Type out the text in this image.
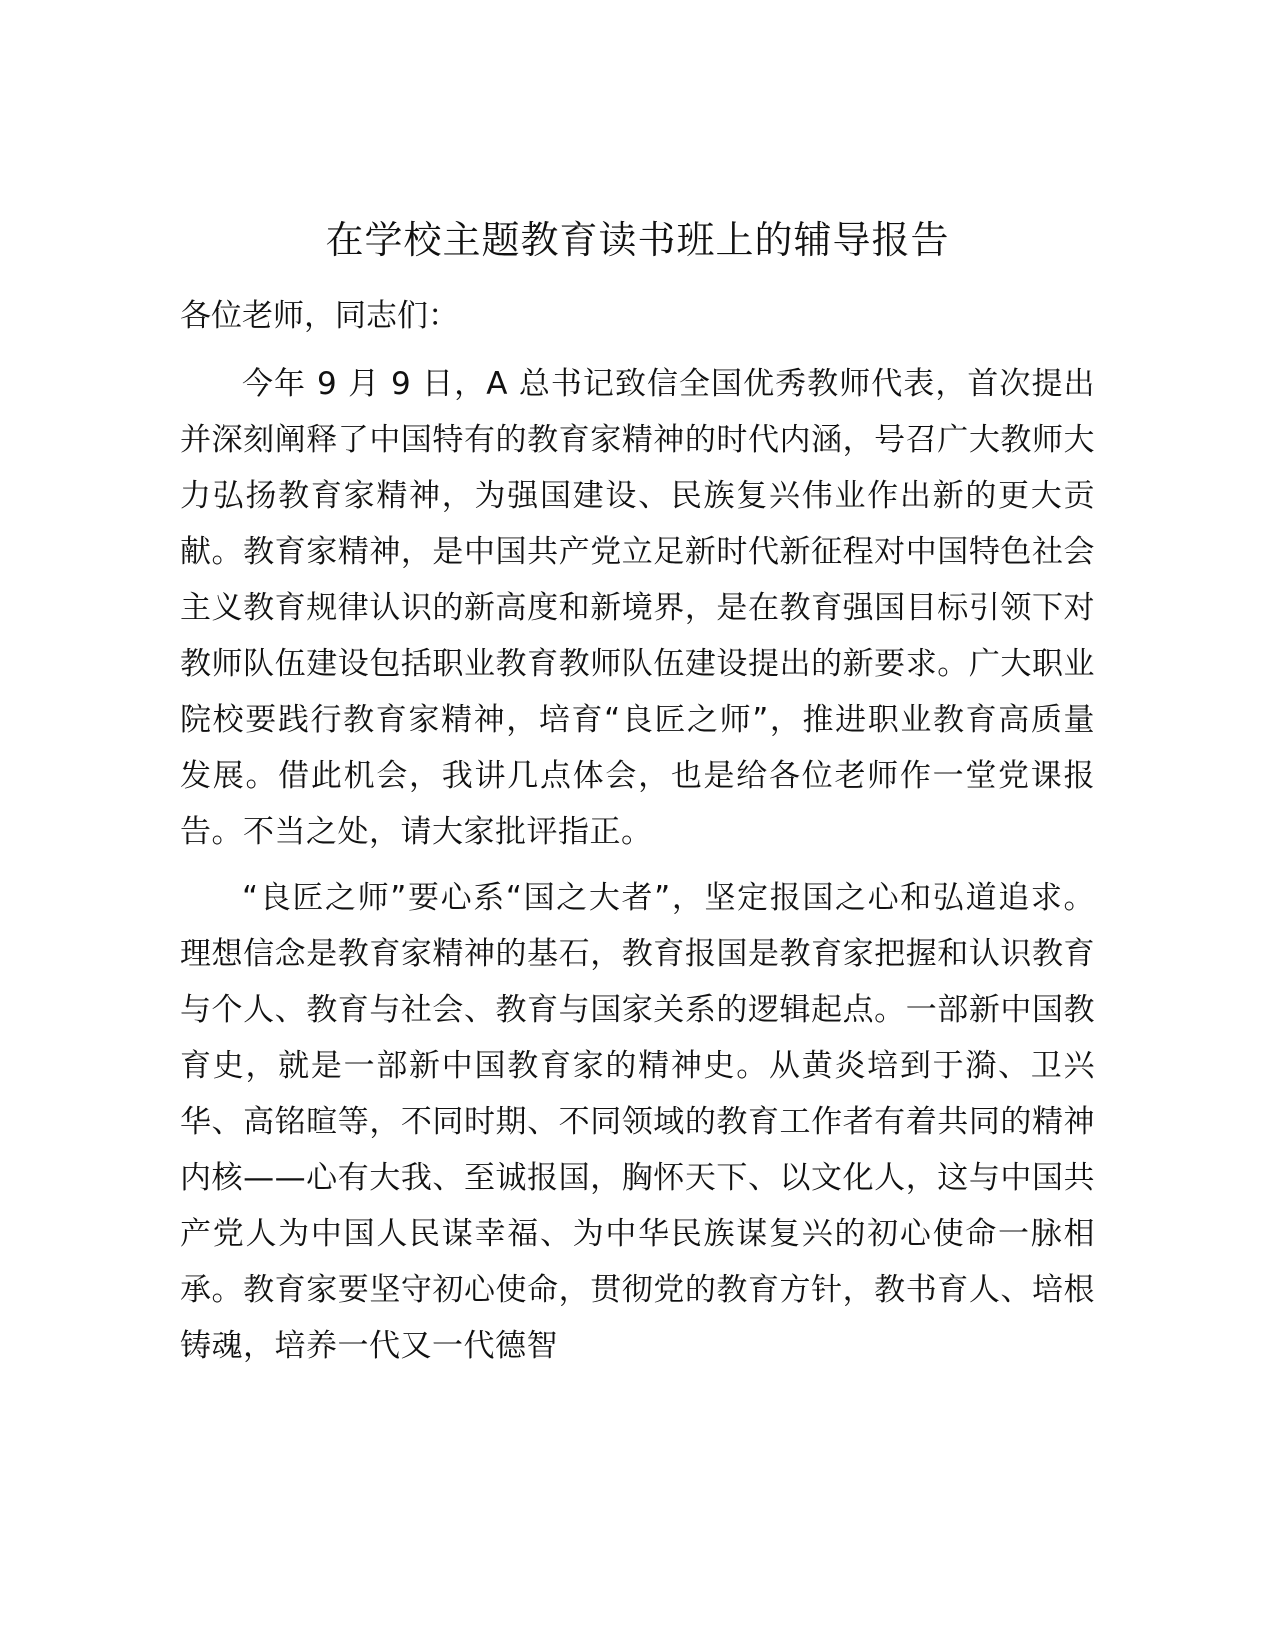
在学校主题教育读书班上的辅导报告

各位老师，同志们：

今年 9 月 9 日，A 总书记致信全国优秀教师代表，首次提出并深刻阐释了中国特有的教育家精神的时代内涵，号召广大教师大力弘扬教育家精神，为强国建设、民族复兴伟业作出新的更大贡献。教育家精神，是中国共产党立足新时代新征程对中国特色社会主义教育规律认识的新高度和新境界，是在教育强国目标引领下对教师队伍建设包括职业教育教师队伍建设提出的新要求。广大职业院校要践行教育家精神，培育“良匠之师”，推进职业教育高质量发展。借此机会，我讲几点体会，也是给各位老师作一堂党课报告。不当之处，请大家批评指正。

“良匠之师”要心系“国之大者”，坚定报国之心和弘道追求。理想信念是教育家精神的基石，教育报国是教育家把握和认识教育与个人、教育与社会、教育与国家关系的逻辑起点。一部新中国教育史，就是一部新中国教育家的精神史。从黄炎培到于漪、卫兴华、高铭暄等，不同时期、不同领域的教育工作者有着共同的精神内核——心有大我、至诚报国，胸怀天下、以文化人，这与中国共产党人为中国人民谋幸福、为中华民族谋复兴的初心使命一脉相承。教育家要坚守初心使命，贯彻党的教育方针，教书育人、培根铸魂，培养一代又一代德智
